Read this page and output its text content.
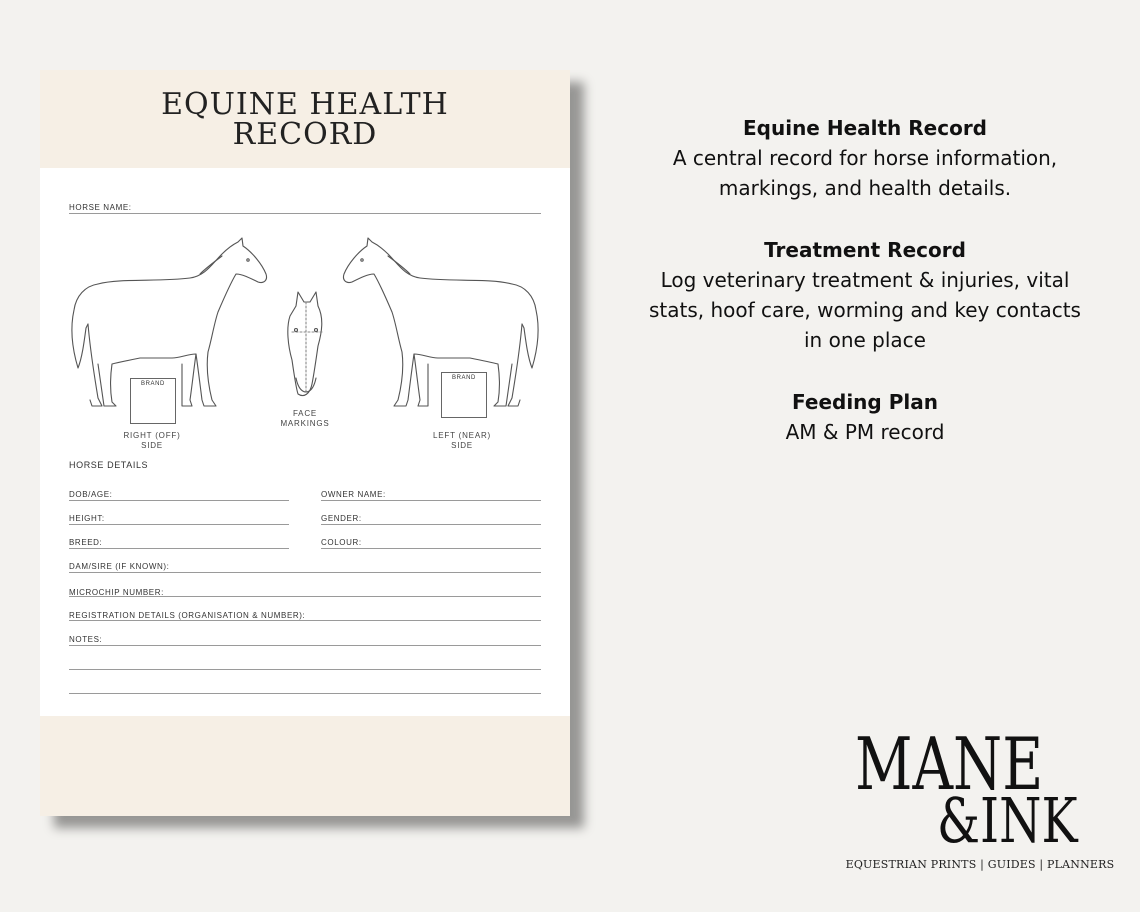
EQUINE HEALTH
RECORD
HORSE NAME:
BRAND
BRAND
RIGHT (OFF)
SIDE
FACE
MARKINGS
LEFT (NEAR)
SIDE
HORSE DETAILS
DOB/AGE:	OWNER NAME:
HEIGHT:	GENDER:
BREED:	COLOUR:
DAM/SIRE (IF KNOWN):
MICROCHIP NUMBER:
REGISTRATION DETAILS (ORGANISATION & NUMBER):
NOTES:
Equine Health Record
A central record for horse information,
markings, and health details.
Treatment Record
Log veterinary treatment & injuries, vital
stats, hoof care, worming and key contacts
in one place
Feeding Plan
AM & PM record
MANE
&INK
EQUESTRIAN PRINTS | GUIDES | PLANNERS
